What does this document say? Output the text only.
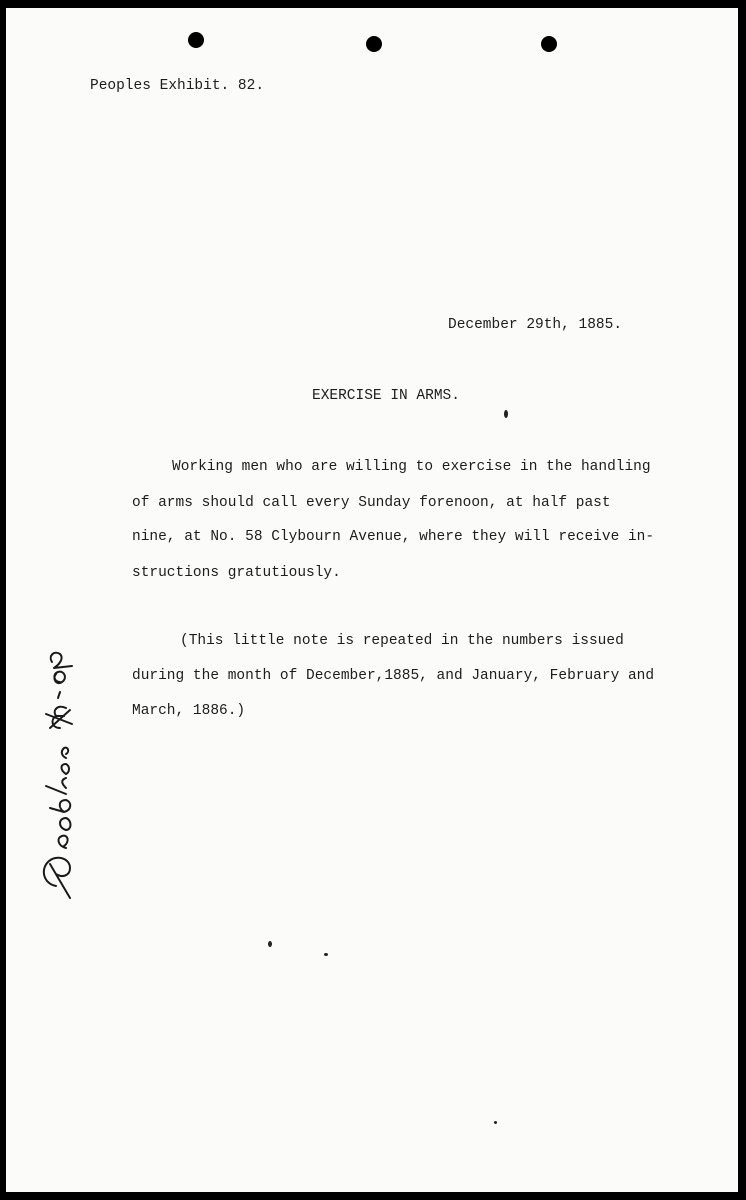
Peoples Exhibit. 82.
December 29th, 1885.
EXERCISE IN ARMS.
Working men who are willing to exercise in the handling
of arms should call every Sunday forenoon, at half past
nine, at No. 58 Clybourn Avenue, where they will receive in-
structions gratutiously.
(This little note is repeated in the numbers issued
during the month of December,1885, and January, February and
March, 1886.)
